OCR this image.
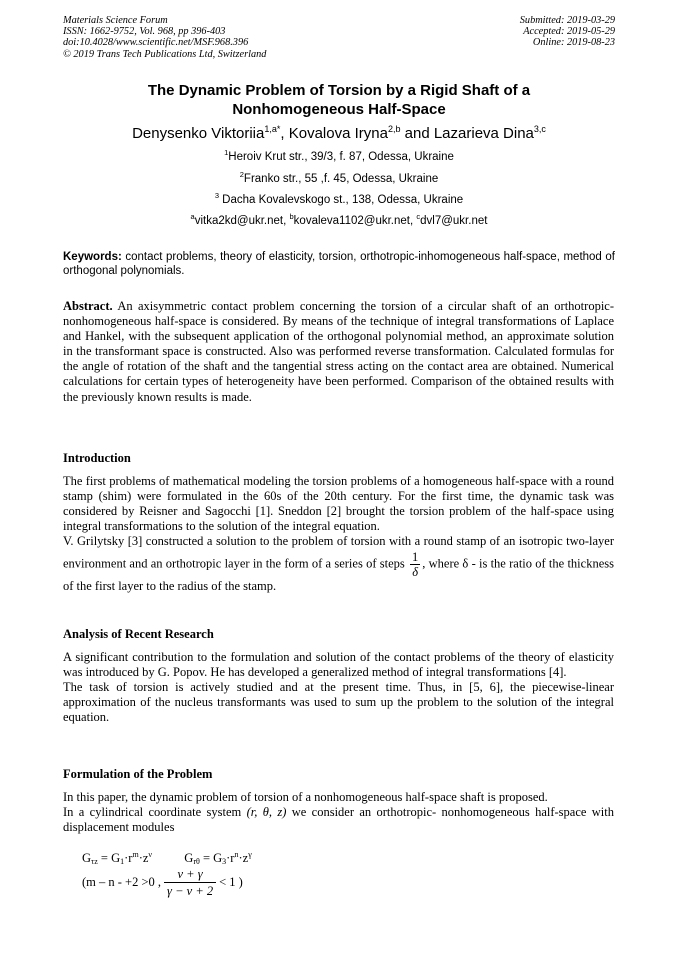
Materials Science Forum
ISSN: 1662-9752, Vol. 968, pp 396-403
doi:10.4028/www.scientific.net/MSF.968.396
© 2019 Trans Tech Publications Ltd, Switzerland
Submitted: 2019-03-29
Accepted: 2019-05-29
Online: 2019-08-23
The Dynamic Problem of Torsion by a Rigid Shaft of a
Nonhomogeneous Half-Space
Denysenko Viktoriia$^{1,a*}$, Kovalova Iryna$^{2,b}$ and Lazarieva Dina$^{3,c}$
$^1$Heroiv Krut str., 39/3, f. 87, Odessa, Ukraine
$^2$Franko str., 55 ,f. 45, Odessa, Ukraine
$^3$ Dacha Kovalevskogo st., 138, Odessa, Ukraine
$^a$vitka2kd@ukr.net, $^b$kovaleva1102@ukr.net, $^c$dvl7@ukr.net
Keywords: contact problems, theory of elasticity, torsion, orthotropic-inhomogeneous half-space, method of orthogonal polynomials.
Abstract. An axisymmetric contact problem concerning the torsion of a circular shaft of an orthotropic-nonhomogeneous half-space is considered. By means of the technique of integral transformations of Laplace and Hankel, with the subsequent application of the orthogonal polynomial method, an approximate solution in the transformant space is constructed. Also was performed reverse transformation. Calculated formulas for the angle of rotation of the shaft and the tangential stress acting on the contact area are obtained. Numerical calculations for certain types of heterogeneity have been performed. Comparison of the obtained results with the previously known results is made.
Introduction

The first problems of mathematical modeling the torsion problems of a homogeneous half-space with a round stamp (shim) were formulated in the 60s of the 20th century. For the first time, the dynamic task was considered by Reisner and Sagocchi [1]. Sneddon [2] brought the torsion problem of the half-space using integral transformations to the solution of the integral equation.

V. Grilytsky [3] constructed a solution to the problem of torsion with a round stamp of an isotropic two-layer environment and an orthotropic layer in the form of a series of steps $\frac{1}{\delta}$ , where δ - is the ratio of the thickness of the first layer to the radius of the stamp.

Analysis of Recent Research

A significant contribution to the formulation and solution of the contact problems of the theory of elasticity was introduced by G. Popov. He has developed a generalized method of integral transformations [4].

The task of torsion is actively studied and at the present time. Thus, in [5, 6], the piecewise-linear approximation of the nucleus transformants was used to sum up the problem to the solution of the integral equation.

Formulation of the Problem

In this paper, the dynamic problem of torsion of a nonhomogeneous half-space shaft is proposed.

In a cylindrical coordinate system (r, θ, z) we consider an orthotropic- nonhomogeneous half-space with displacement modules

$G_{\tau z} = G_1\cdot r^m\cdot z^\nu$	$G_{r\theta} = G_3\cdot r^n\cdot z^\gamma$
(m – n - +2 >0 , $\frac{\nu + \gamma}{\gamma - \nu + 2} < 1$ )
